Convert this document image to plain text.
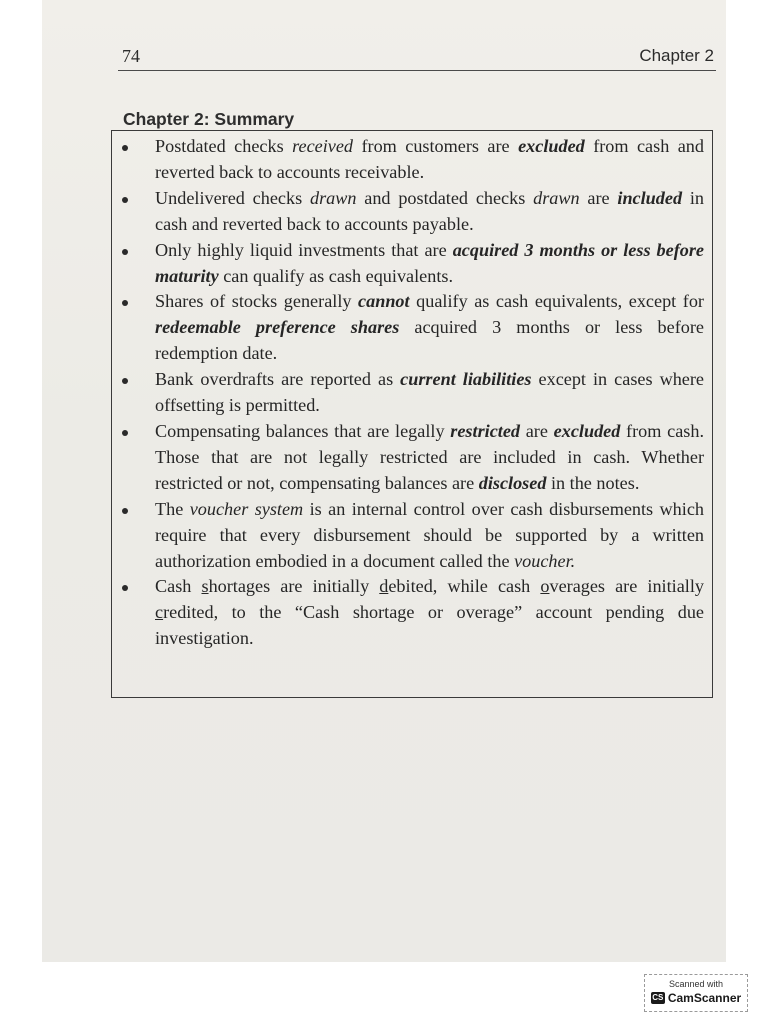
74	Chapter 2
Chapter 2: Summary
Postdated checks received from customers are excluded from cash and reverted back to accounts receivable.
Undelivered checks drawn and postdated checks drawn are included in cash and reverted back to accounts payable.
Only highly liquid investments that are acquired 3 months or less before maturity can qualify as cash equivalents.
Shares of stocks generally cannot qualify as cash equivalents, except for redeemable preference shares acquired 3 months or less before redemption date.
Bank overdrafts are reported as current liabilities except in cases where offsetting is permitted.
Compensating balances that are legally restricted are excluded from cash. Those that are not legally restricted are included in cash. Whether restricted or not, compensating balances are disclosed in the notes.
The voucher system is an internal control over cash disbursements which require that every disbursement should be supported by a written authorization embodied in a document called the voucher.
Cash shortages are initially debited, while cash overages are initially credited, to the “Cash shortage or overage” account pending due investigation.
Scanned with
CS CamScanner
